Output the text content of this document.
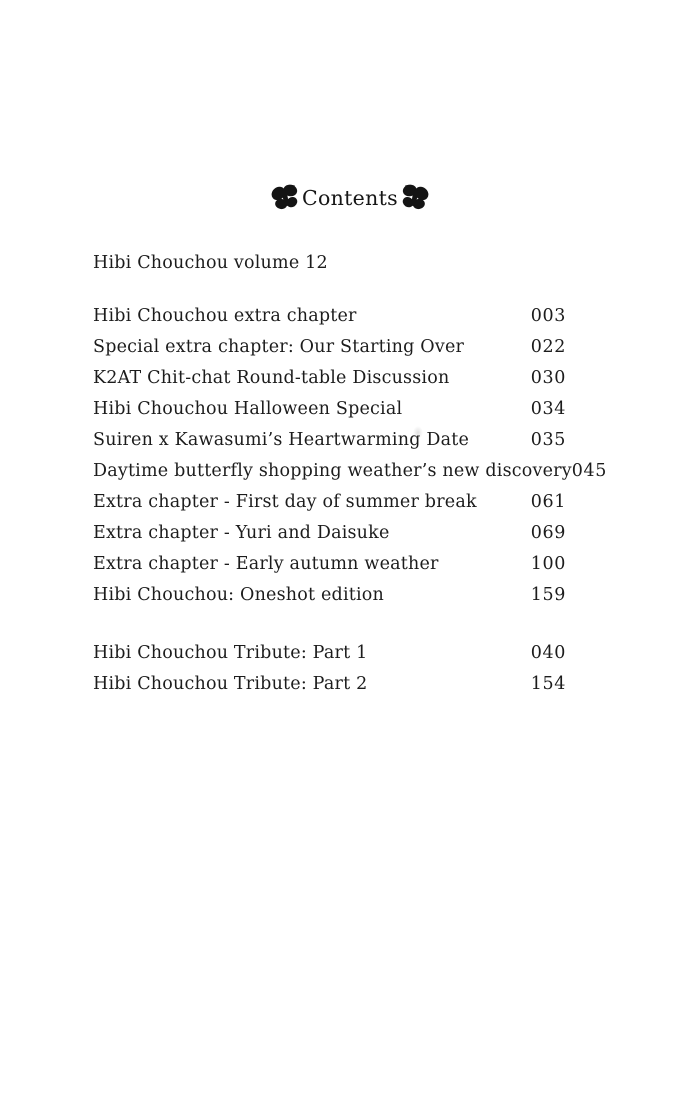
Contents
Hibi Chouchou volume 12
Hibi Chouchou extra chapter	003
Special extra chapter: Our Starting Over	022
K2AT Chit-chat Round-table Discussion	030
Hibi Chouchou Halloween Special	034
Suiren x Kawasumi’s Heartwarming Date	035
Daytime butterfly shopping weather’s new discovery 045
Extra chapter - First day of summer break	061
Extra chapter - Yuri and Daisuke	069
Extra chapter - Early autumn weather	100
Hibi Chouchou: Oneshot edition	159
Hibi Chouchou Tribute: Part 1	040
Hibi Chouchou Tribute: Part 2	154
